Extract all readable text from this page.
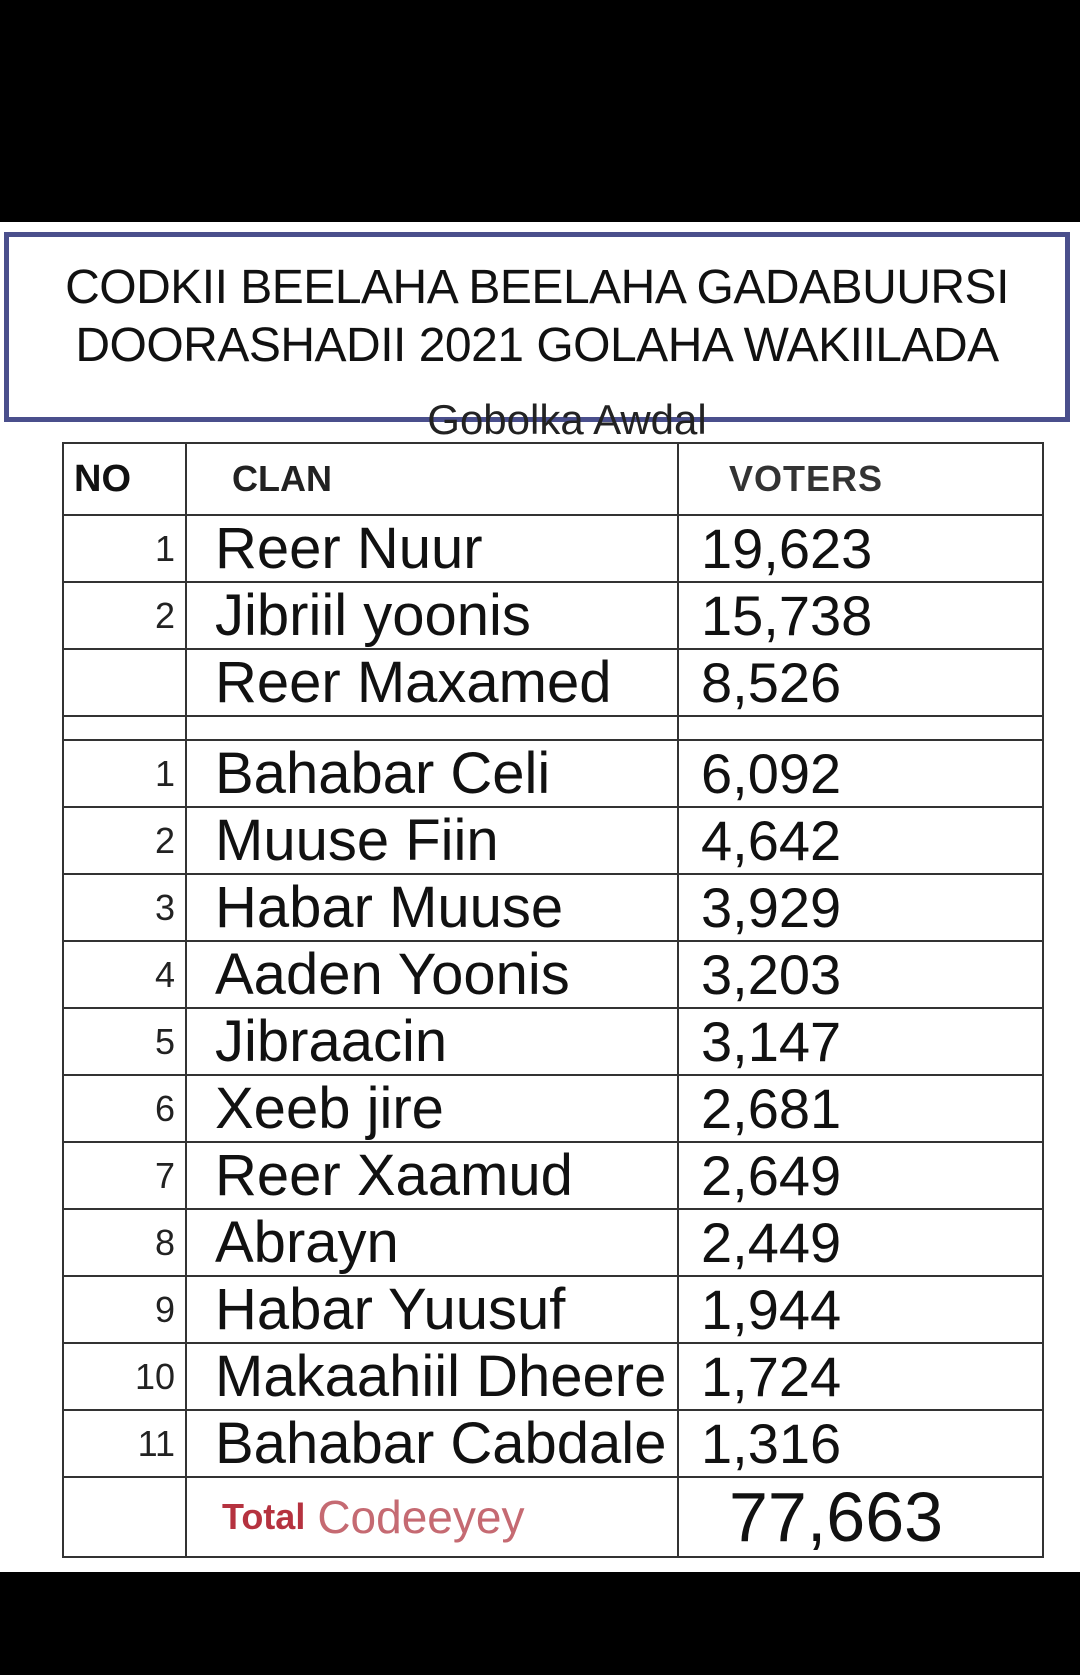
CODKII BEELAHA BEELAHA GADABUURSI
DOORASHADII 2021 GOLAHA WAKIILADA
Gobolka Awdal
NO	CLAN	VOTERS
1 Reer Nuur	19,623
2 Jibriil yoonis	15,738
Reer Maxamed	8,526
1 Bahabar Celi	6,092
2 Muuse Fiin	4,642
3 Habar Muuse	3,929
4 Aaden Yoonis	3,203
5 Jibraacin	3,147
6 Xeeb jire	2,681
7 Reer Xaamud	2,649
8 Abrayn	2,449
9 Habar Yuusuf	1,944
10 Makaahiil Dheere 1,724
11 Bahabar Cabdale 1,316
Total Codeeyey	77,663
